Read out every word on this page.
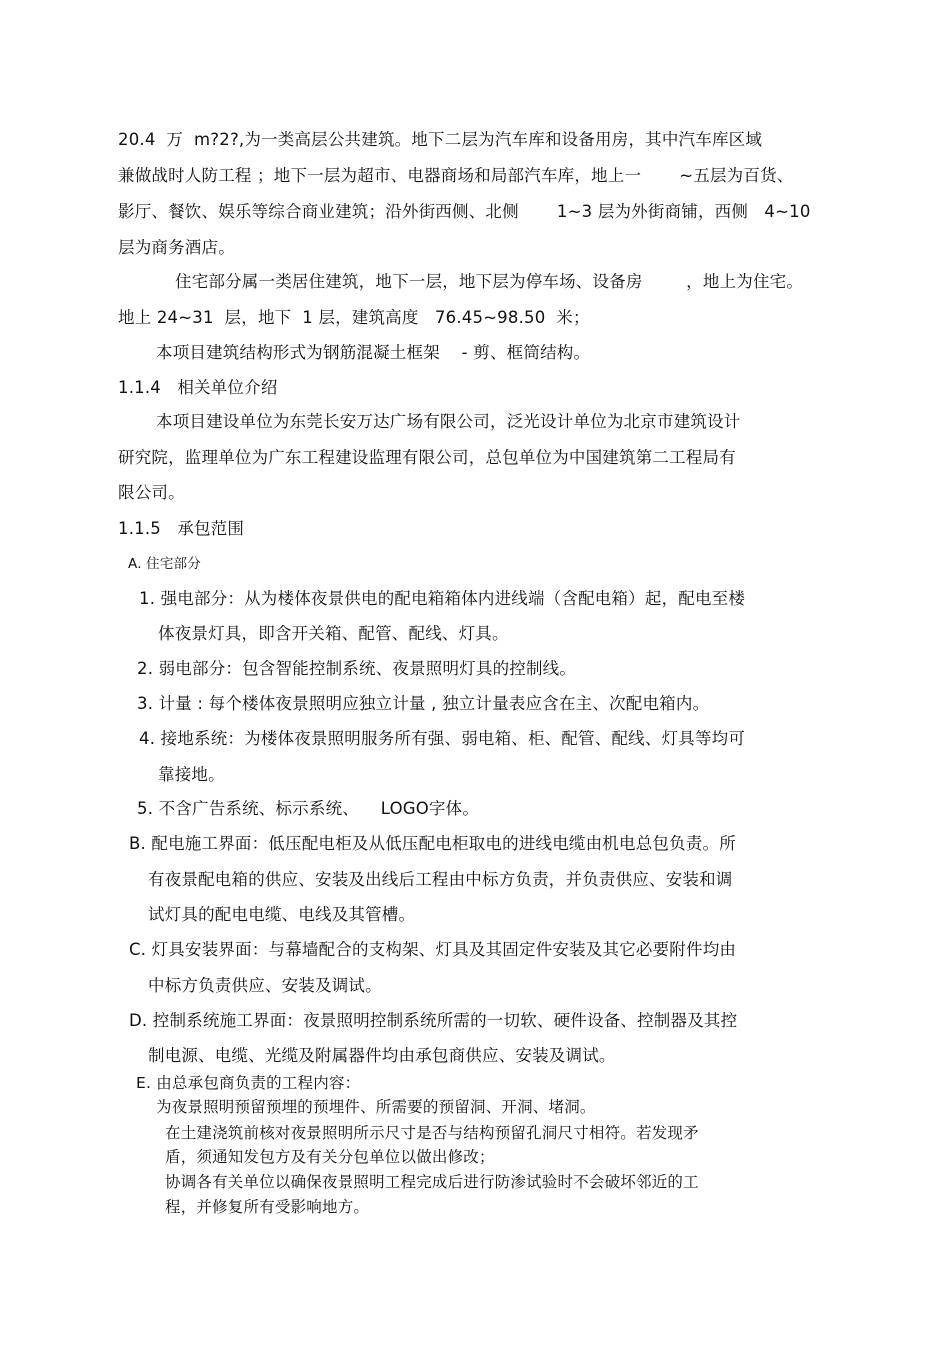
20.4  万  m?2?,为一类高层公共建筑。地下二层为汽车库和设备用房，其中汽车库区域
兼做战时人防工程 ；地下一层为超市、电器商场和局部汽车库，地上一       ~五层为百货、
影厅、餐饮、娱乐等综合商业建筑；沿外街西侧、北侧       1~3 层为外街商铺，西侧   4~10
层为商务酒店。
住宅部分属一类居住建筑，地下一层，地下层为停车场、设备房        ，地上为住宅。
地上 24~31  层，地下  1 层，建筑高度   76.45~98.50  米；
本项目建筑结构形式为钢筋混凝土框架    - 剪、框筒结构。
1.1.4   相关单位介绍
本项目建设单位为东莞长安万达广场有限公司，泛光设计单位为北京市建筑设计
研究院，监理单位为广东工程建设监理有限公司，总包单位为中国建筑第二工程局有
限公司。
1.1.5   承包范围
A. 住宅部分
1. 强电部分：从为楼体夜景供电的配电箱箱体内进线端（含配电箱）起，配电至楼
体夜景灯具，即含开关箱、配管、配线、灯具。
2. 弱电部分：包含智能控制系统、夜景照明灯具的控制线。
3. 计量 : 每个楼体夜景照明应独立计量 , 独立计量表应含在主、次配电箱内。
4. 接地系统：为楼体夜景照明服务所有强、弱电箱、柜、配管、配线、灯具等均可
靠接地。
5. 不含广告系统、标示系统、    LOGO字体。
B. 配电施工界面：低压配电柜及从低压配电柜取电的进线电缆由机电总包负责。所
有夜景配电箱的供应、安装及出线后工程由中标方负责，并负责供应、安装和调
试灯具的配电电缆、电线及其管槽。
C. 灯具安装界面：与幕墙配合的支构架、灯具及其固定件安装及其它必要附件均由
中标方负责供应、安装及调试。
D. 控制系统施工界面：夜景照明控制系统所需的一切软、硬件设备、控制器及其控
制电源、电缆、光缆及附属器件均由承包商供应、安装及调试。
E. 由总承包商负责的工程内容：
为夜景照明预留预埋的预埋件、所需要的预留洞、开洞、堵洞。
在土建浇筑前核对夜景照明所示尺寸是否与结构预留孔洞尺寸相符。若发现矛
盾，须通知发包方及有关分包单位以做出修改；
协调各有关单位以确保夜景照明工程完成后进行防渗试验时不会破坏邻近的工
程，并修复所有受影响地方。
